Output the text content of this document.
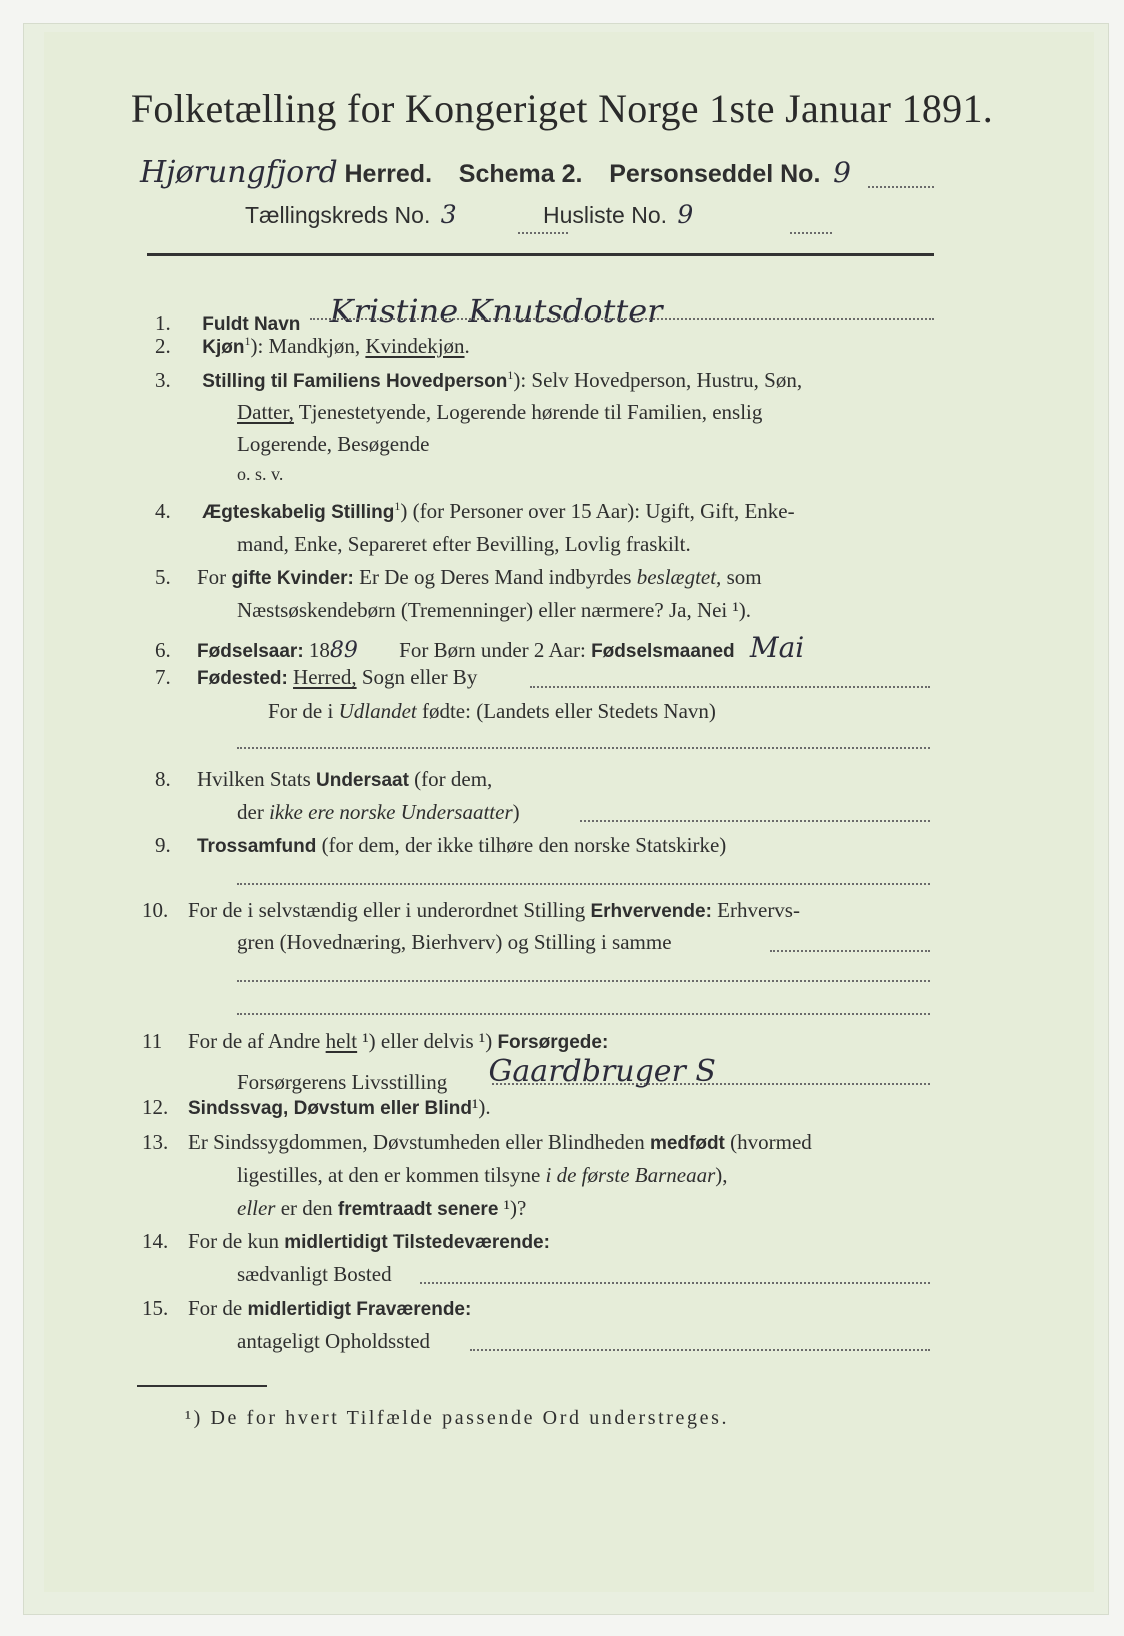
Folketælling for Kongeriget Norge 1ste Januar 1891.
Hjørungfjord Herred. Schema 2. Personseddel No. 9
Tællingskreds No. 3	Husliste No. 9
1. Fuldt Navn Kristine Knutsdotter
2. Kjøn$^1$): Mandkjøn, Kvindekjøn.
3. Stilling til Familiens Hovedperson$^1$): Selv Hovedperson, Hustru, Søn,
Datter, Tjenestetyende, Logerende hørende til Familien, enslig
Logerende, Besøgende
o. s. v.
4. Ægteskabelig Stilling$^1$) (for Personer over 15 Aar): Ugift, Gift, Enke-
mand, Enke, Separeret efter Bevilling, Lovlig fraskilt.
5. For gifte Kvinder: Er De og Deres Mand indbyrdes beslægtet, som
Næstsøskendebørn (Tremenninger) eller nærmere? Ja, Nei ¹).
6. Fødselsaar: 1889 For Børn under 2 Aar: Fødselsmaaned Mai
7. Fødested: Herred, Sogn eller By
For de i Udlandet fødte: (Landets eller Stedets Navn)
8. Hvilken Stats Undersaat (for dem,
der ikke ere norske Undersaatter)
9. Trossamfund (for dem, der ikke tilhøre den norske Statskirke)
10. For de i selvstændig eller i underordnet Stilling Erhvervende: Erhvervs-
gren (Hovednæring, Bierhverv) og Stilling i samme
11 For de af Andre helt ¹) eller delvis ¹) Forsørgede:
Forsørgerens Livsstilling Gaardbruger S
12. Sindssvag, Døvstum eller Blind¹).
13. Er Sindssygdommen, Døvstumheden eller Blindheden medfødt (hvormed
ligestilles, at den er kommen tilsyne i de første Barneaar),
eller er den fremtraadt senere ¹)?
14. For de kun midlertidigt Tilstedeværende:
sædvanligt Bosted
15. For de midlertidigt Fraværende:
antageligt Opholdssted
¹) De for hvert Tilfælde passende Ord understreges.
